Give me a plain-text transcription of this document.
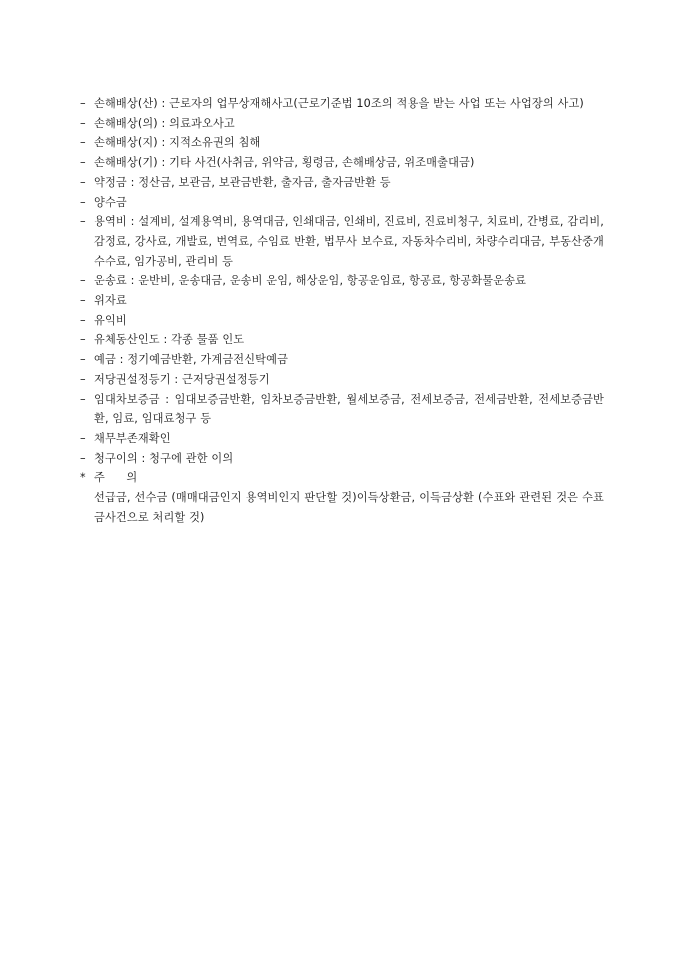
– 손해배상(산) : 근로자의 업무상재해사고(근로기준법 10조의 적용을 받는 사업 또는 사업장의 사고)
– 손해배상(의) : 의료과오사고
– 손해배상(지) : 지적소유권의 침해
– 손해배상(기) : 기타 사건(사취금, 위약금, 횡령금, 손해배상금, 위조매출대금)
– 약정금 : 정산금, 보관금, 보관금반환, 출자금, 출자금반환 등
– 양수금
– 용역비 : 설계비, 설계용역비, 용역대금, 인쇄대금, 인쇄비, 진료비, 진료비청구, 치료비, 간병료, 감리비, 감정료, 강사료, 개발료, 번역료, 수임료 반환, 법무사 보수료, 자동차수리비, 차량수리대금, 부동산중개수수료, 임가공비, 관리비 등
– 운송료 : 운반비, 운송대금, 운송비 운임, 해상운임, 항공운임료, 항공료, 항공화물운송료
– 위자료
– 유익비
– 유체동산인도 : 각종 물품 인도
– 예금 : 정기예금반환, 가계금전신탁예금
– 저당권설정등기 : 근저당권설정등기
– 임대차보증금 : 임대보증금반환, 임차보증금반환, 월세보증금, 전세보증금, 전세금반환, 전세보증금반환, 임료, 임대료청구 등
– 채무부존재확인
– 청구이의 : 청구에 관한 이의
* 주 의
선급금, 선수금 (매매대금인지 용역비인지 판단할 것)이득상환금, 이득금상환 (수표와 관련된 것은 수표금사건으로 처리할 것)
